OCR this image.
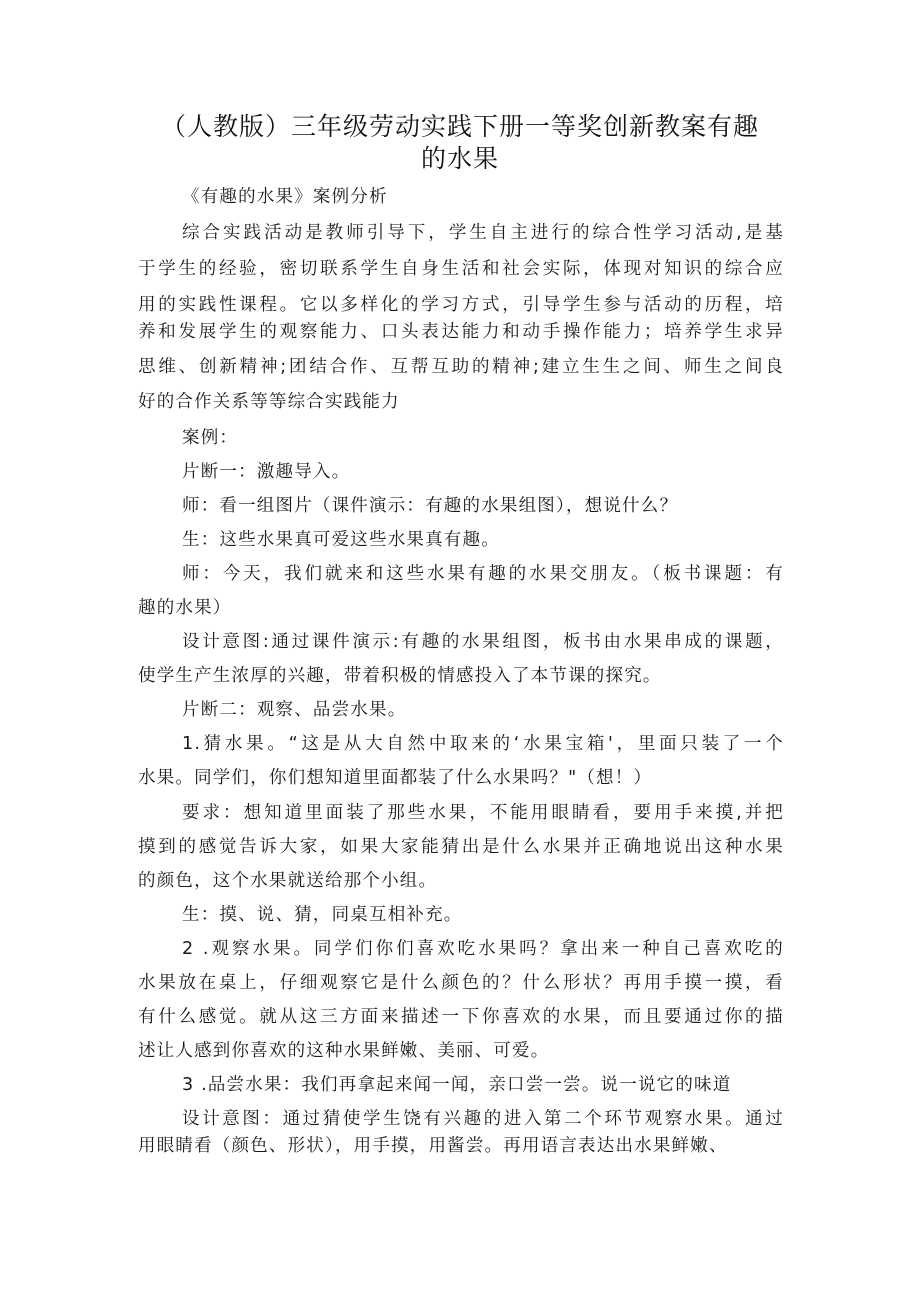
（人教版）三年级劳动实践下册一等奖创新教案有趣
的水果
《有趣的水果》案例分析
综合实践活动是教师引导下，学生自主进行的综合性学习活动,是基
于学生的经验，密切联系学生自身生活和社会实际，体现对知识的综合应
用的实践性课程。它以多样化的学习方式，引导学生参与活动的历程，培
养和发展学生的观察能力、口头表达能力和动手操作能力；培养学生求异
思维、创新精神;团结合作、互帮互助的精神;建立生生之间、师生之间良
好的合作关系等等综合实践能力
案例：
片断一：激趣导入。
师：看一组图片（课件演示：有趣的水果组图），想说什么？
生：这些水果真可爱这些水果真有趣。
师：今天，我们就来和这些水果有趣的水果交朋友。（板书课题：有
趣的水果）
设计意图:通过课件演示:有趣的水果组图，板书由水果串成的课题，
使学生产生浓厚的兴趣，带着积极的情感投入了本节课的探究。
片断二：观察、品尝水果。
1.猜水果。“这是从大自然中取来的‘水果宝箱'，里面只装了一个
水果。同学们，你们想知道里面都装了什么水果吗？"（想！）
要求：想知道里面装了那些水果，不能用眼睛看，要用手来摸,并把
摸到的感觉告诉大家，如果大家能猜出是什么水果并正确地说出这种水果
的颜色，这个水果就送给那个小组。
生：摸、说、猜，同桌互相补充。
2 .观察水果。同学们你们喜欢吃水果吗？拿出来一种自己喜欢吃的
水果放在桌上，仔细观察它是什么颜色的？什么形状？再用手摸一摸，看
有什么感觉。就从这三方面来描述一下你喜欢的水果，而且要通过你的描
述让人感到你喜欢的这种水果鲜嫩、美丽、可爱。
3 .品尝水果：我们再拿起来闻一闻，亲口尝一尝。说一说它的味道
设计意图：通过猜使学生饶有兴趣的进入第二个环节观察水果。通过
用眼睛看（颜色、形状），用手摸，用酱尝。再用语言表达出水果鲜嫩、
